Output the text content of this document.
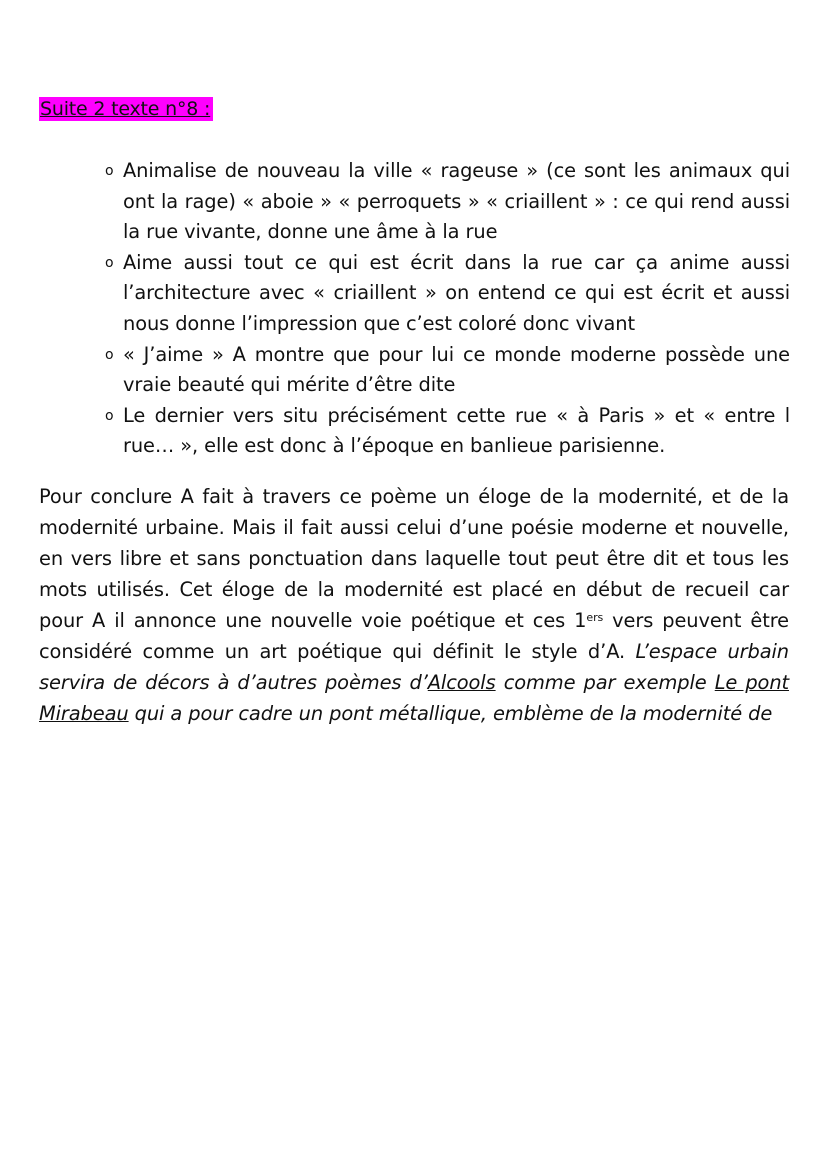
Suite 2 texte n°8 :
o Animalise de nouveau la ville « rageuse » (ce sont les animaux qui ont la rage) « aboie » « perroquets » « criaillent » : ce qui rend aussi la rue vivante, donne une âme à la rue
o Aime aussi tout ce qui est écrit dans la rue car ça anime aussi l’architecture avec « criaillent » on entend ce qui est écrit et aussi nous donne l’impression que c’est coloré donc vivant
o « J’aime » A montre que pour lui ce monde moderne possède une vraie beauté qui mérite d’être dite
o Le dernier vers situ précisément cette rue « à Paris » et « entre l rue… », elle est donc à l’époque en banlieue parisienne.

Pour conclure A fait à travers ce poème un éloge de la modernité, et de la modernité urbaine. Mais il fait aussi celui d’une poésie moderne et nouvelle, en vers libre et sans ponctuation dans laquelle tout peut être dit et tous les mots utilisés. Cet éloge de la modernité est placé en début de recueil car pour A il annonce une nouvelle voie poétique et ces 1ers vers peuvent être considéré comme un art poétique qui définit le style d’A. L’espace urbain servira de décors à d’autres poèmes d’Alcools comme par exemple Le pont Mirabeau qui a pour cadre un pont métallique, emblème de la modernité de
